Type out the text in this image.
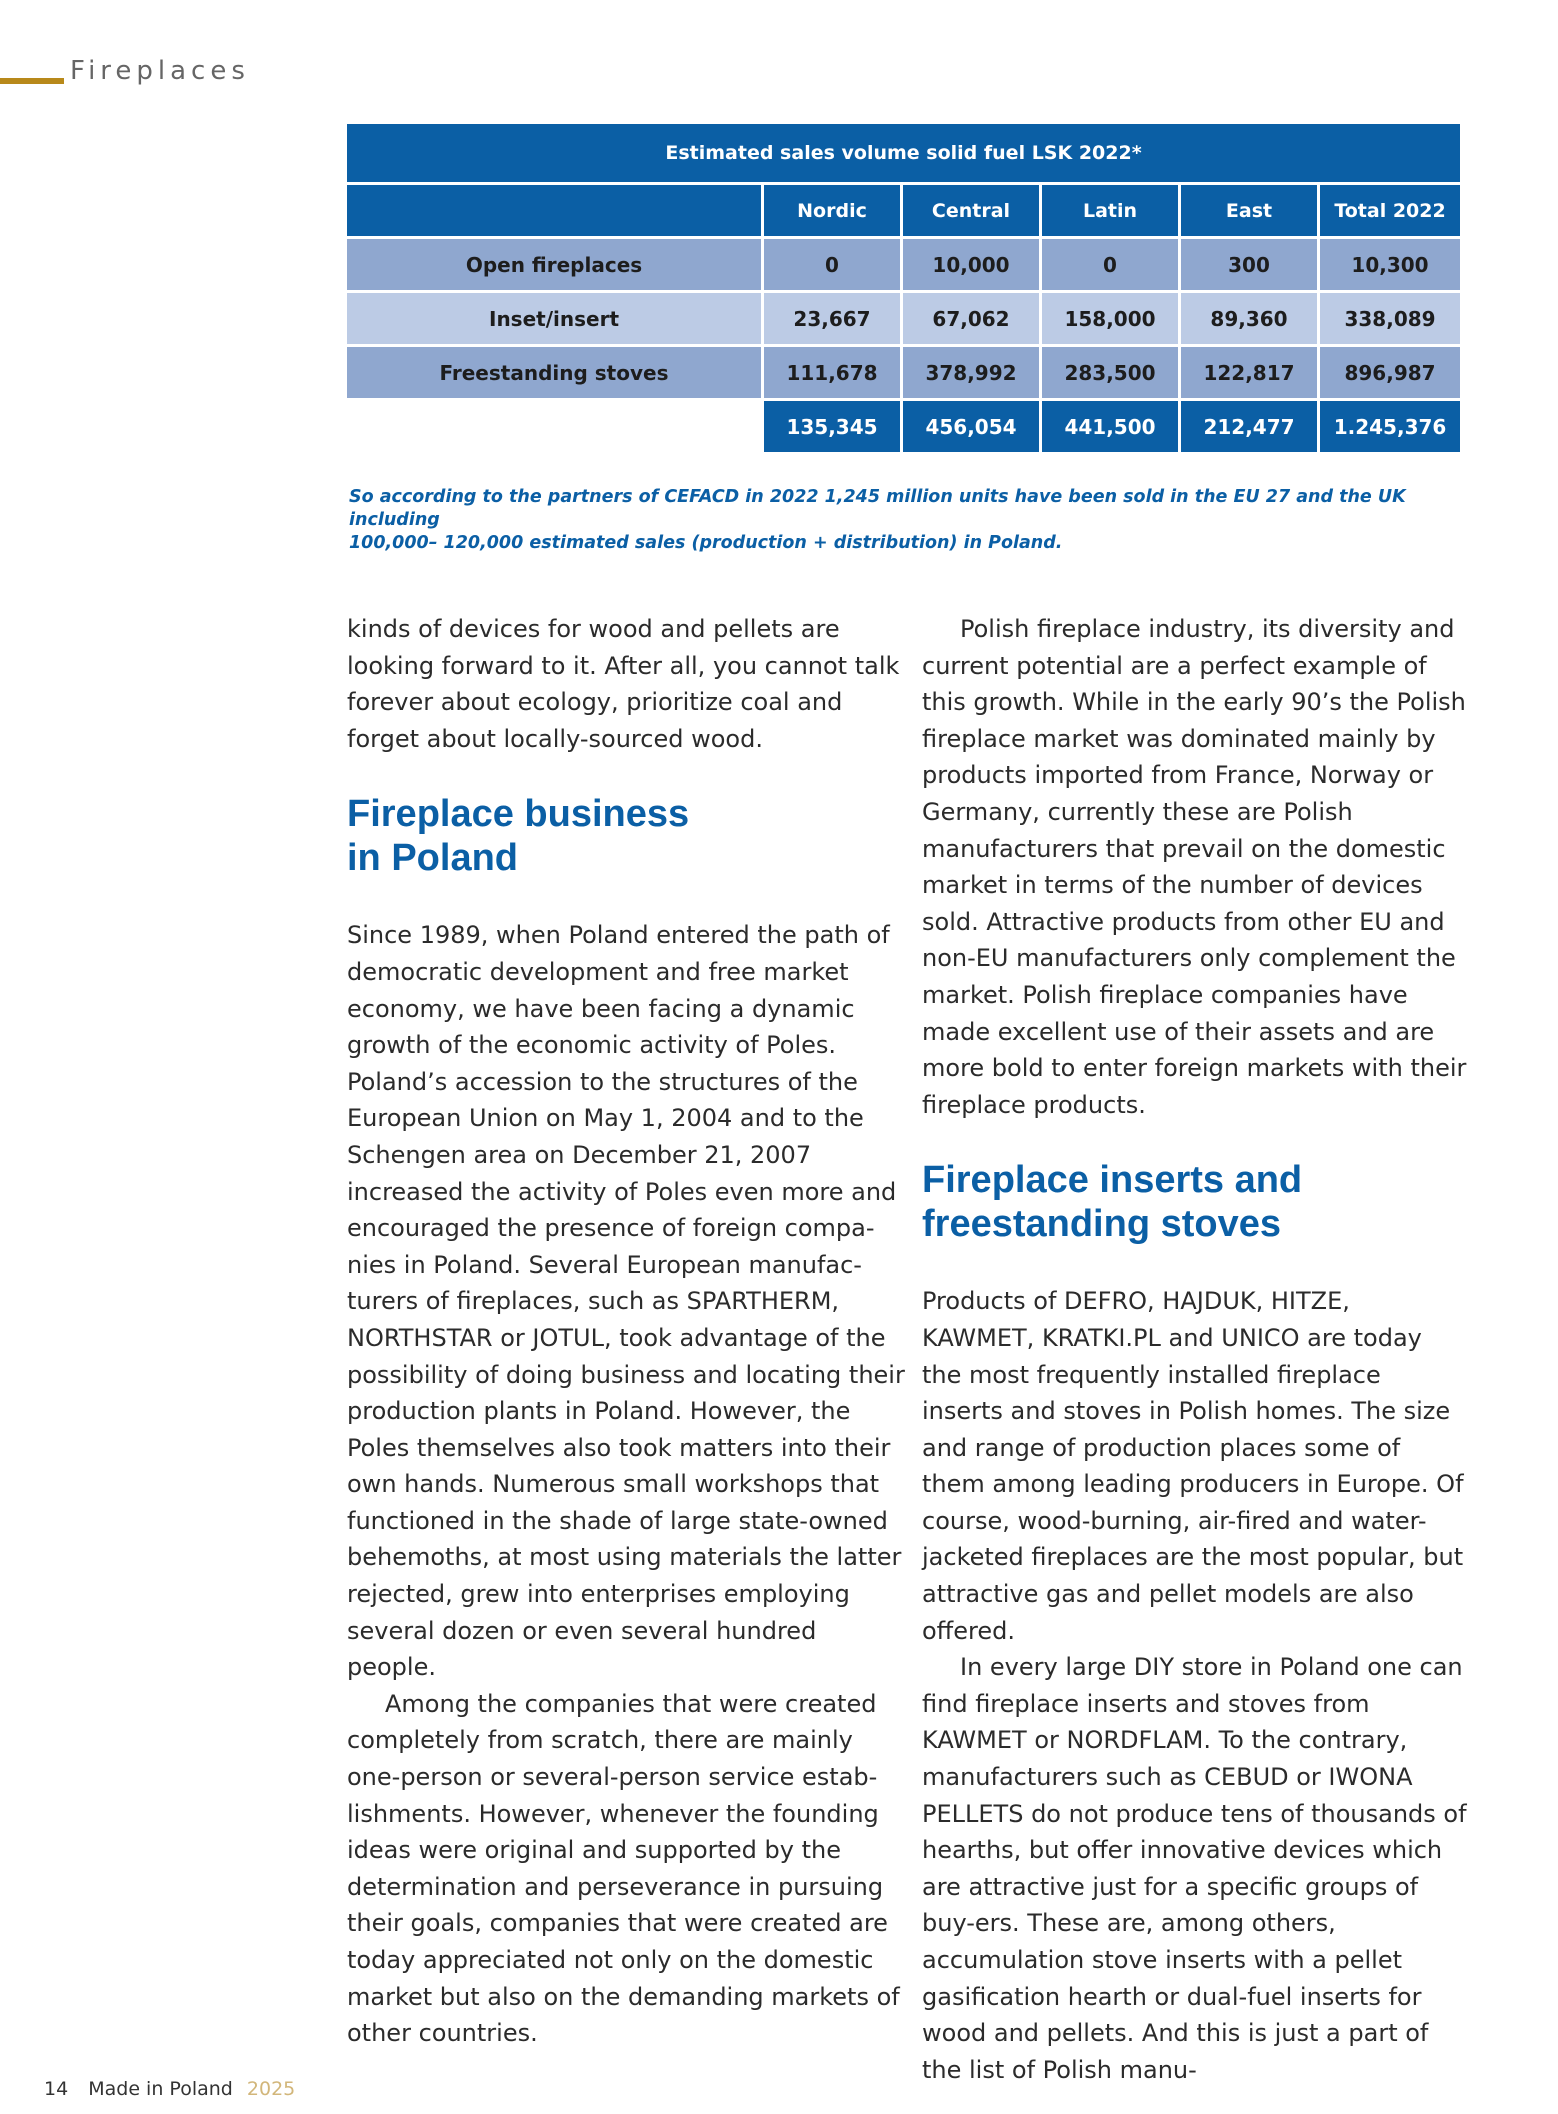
Fireplaces
Estimated sales volume solid fuel LSK 2022*					
	Nordic	Central	Latin	East	Total 2022
Open fireplaces	0	10,000	0	300	10,300
Inset/insert	23,667	67,062	158,000	89,360	338,089
Freestanding stoves	111,678	378,992	283,500	122,817	896,987
	135,345	456,054	441,500	212,477	1.245,376
So according to the partners of CEFACD in 2022 1,245 million units have been sold in the EU 27 and the UK including
100,000– 120,000 estimated sales (production + distribution) in Poland.

kinds of devices for wood and pellets are looking forward to it. After all, you cannot talk forever about ecology, prioritize coal and forget about locally-sourced wood.

Fireplace business
in Poland

Since 1989, when Poland entered the path of democratic development and free market economy, we have been facing a dynamic growth of the economic activity of Poles. Poland’s accession to the structures of the European Union on May 1, 2004 and to the Schengen area on December 21, 2007 increased the activity of Poles even more and encouraged the presence of foreign compa-nies in Poland. Several European manufac-turers of fireplaces, such as SPARTHERM, NORTHSTAR or JOTUL, took advantage of the possibility of doing business and locating their production plants in Poland. However, the Poles themselves also took matters into their own hands. Numerous small workshops that functioned in the shade of large state-owned behemoths, at most using materials the latter rejected, grew into enterprises employing several dozen or even several hundred people.

Among the companies that were created completely from scratch, there are mainly one-person or several-person service estab-lishments. However, whenever the founding ideas were original and supported by the determination and perseverance in pursuing their goals, companies that were created are today appreciated not only on the domestic market but also on the demanding markets of other countries.

Polish fireplace industry, its diversity and current potential are a perfect example of this growth. While in the early 90’s the Polish fireplace market was dominated mainly by products imported from France, Norway or Germany, currently these are Polish manufacturers that prevail on the domestic market in terms of the number of devices sold. Attractive products from other EU and non-EU manufacturers only complement the market. Polish fireplace companies have made excellent use of their assets and are more bold to enter foreign markets with their fireplace products.

Fireplace inserts and
freestanding stoves

Products of DEFRO, HAJDUK, HITZE, KAWMET, KRATKI.PL and UNICO are today the most frequently installed fireplace inserts and stoves in Polish homes. The size and range of production places some of them among leading producers in Europe. Of course, wood-burning, air-fired and water-jacketed fireplaces are the most popular, but attractive gas and pellet models are also offered.

In every large DIY store in Poland one can find fireplace inserts and stoves from KAWMET or NORDFLAM. To the contrary, manufacturers such as CEBUD or IWONA PELLETS do not produce tens of thousands of hearths, but offer innovative devices which are attractive just for a specific groups of buy-ers. These are, among others, accumulation stove inserts with a pellet gasification hearth or dual-fuel inserts for wood and pellets. And this is just a part of the list of Polish manu-

14 Made in Poland 2025
